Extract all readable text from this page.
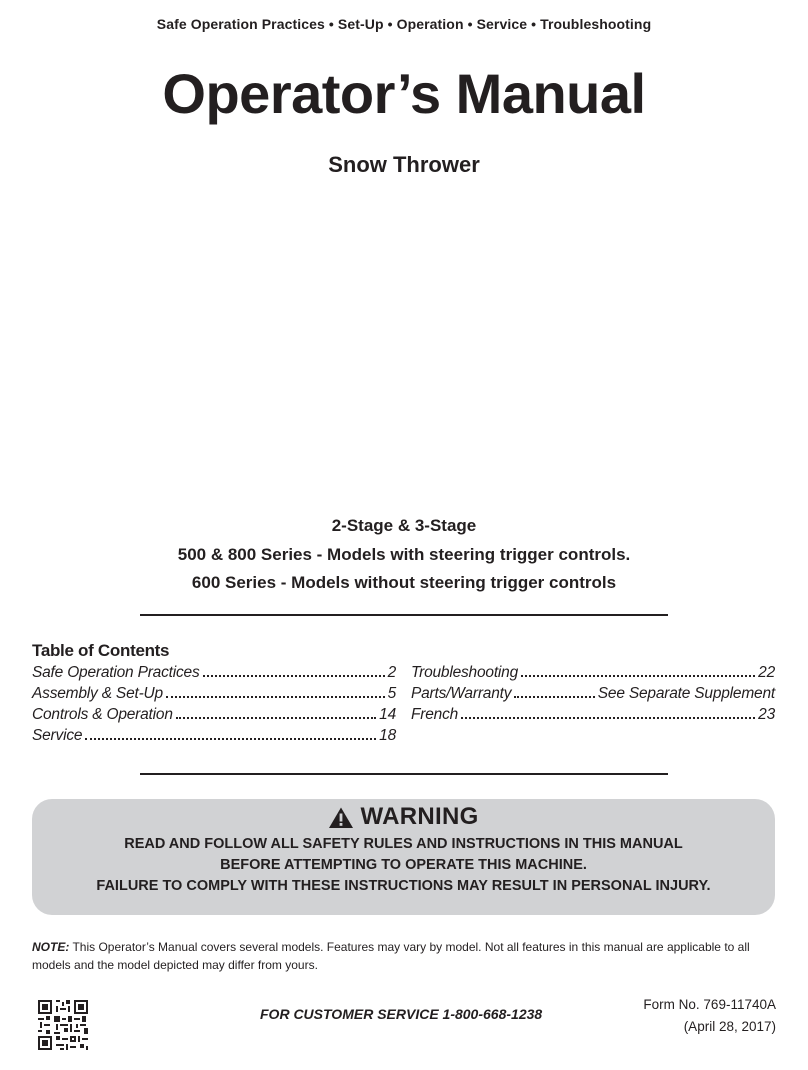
Safe Operation Practices • Set-Up • Operation • Service • Troubleshooting
Operator’s Manual
Snow Thrower
2-Stage & 3-Stage
500 & 800 Series - Models with steering trigger controls.
600 Series - Models without steering trigger controls
Table of Contents
Safe Operation Practices	2
Assembly & Set-Up	5
Controls & Operation	14
Service	18
Troubleshooting	22
Parts/Warranty	See Separate Supplement
French	23
WARNING
READ AND FOLLOW ALL SAFETY RULES AND INSTRUCTIONS IN THIS MANUAL
BEFORE ATTEMPTING TO OPERATE THIS MACHINE.
FAILURE TO COMPLY WITH THESE INSTRUCTIONS MAY RESULT IN PERSONAL INJURY.
NOTE: This Operator’s Manual covers several models. Features may vary by model. Not all features in this manual are applicable to all models and the model depicted may differ from yours.
FOR CUSTOMER SERVICE 1-800-668-1238
Form No. 769-11740A
(April 28, 2017)
